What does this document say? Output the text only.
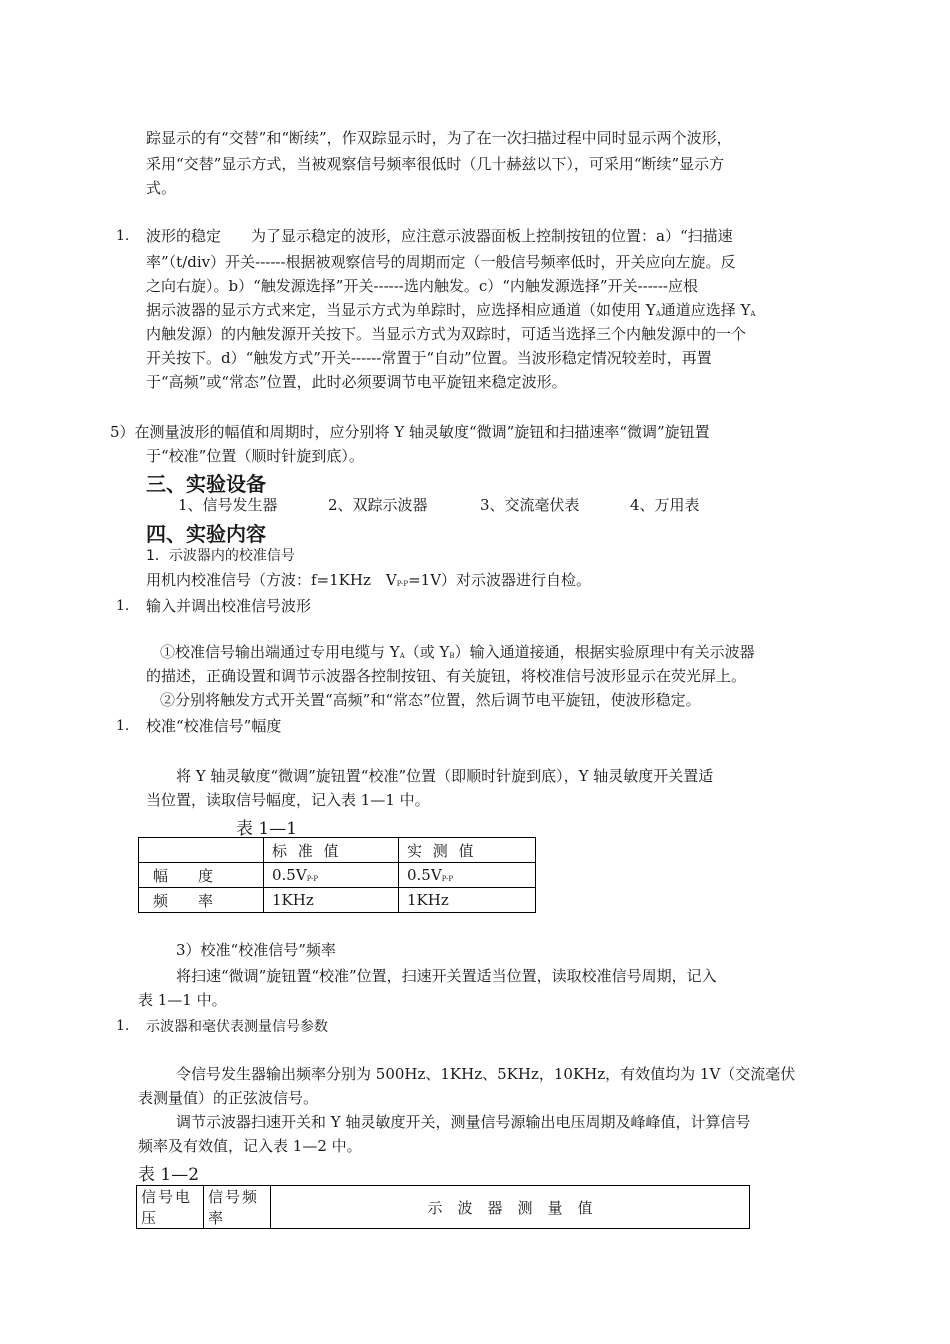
踪显示的有“交替”和“断续”，作双踪显示时，为了在一次扫描过程中同时显示两个波形，
采用“交替”显示方式，当被观察信号频率很低时（几十赫兹以下），可采用“断续”显示方
式。
1. 波形的稳定　　为了显示稳定的波形，应注意示波器面板上控制按钮的位置：a）“扫描速
率”（t/div）开关------根据被观察信号的周期而定（一般信号频率低时，开关应向左旋。反
之向右旋）。b）“触发源选择”开关------选内触发。c）“内触发源选择”开关------应根
据示波器的显示方式来定，当显示方式为单踪时，应选择相应通道（如使用 YA通道应选择 YA
内触发源）的内触发源开关按下。当显示方式为双踪时，可适当选择三个内触发源中的一个
开关按下。d）“触发方式”开关------常置于“自动”位置。当波形稳定情况较差时，再置
于“高频”或“常态”位置，此时必须要调节电平旋钮来稳定波形。
5）在测量波形的幅值和周期时，应分别将 Y 轴灵敏度“微调”旋钮和扫描速率“微调”旋钮置
于“校准”位置（顺时针旋到底）。
三、实验设备
1、信号发生器	2、双踪示波器	3、交流毫伏表	4、万用表
四、实验内容
1．示波器内的校准信号
用机内校准信号（方波：f=1KHz　VP-P=1V）对示波器进行自检。
1. 输入并调出校准信号波形
①校准信号输出端通过专用电缆与 YA（或 YB）输入通道接通，根据实验原理中有关示波器
的描述，正确设置和调节示波器各控制按钮、有关旋钮，将校准信号波形显示在荧光屏上。
②分别将触发方式开关置“高频”和“常态”位置，然后调节电平旋钮，使波形稳定。
1. 校准“校准信号”幅度
将 Y 轴灵敏度“微调”旋钮置“校准”位置（即顺时针旋到底），Y 轴灵敏度开关置适
当位置，读取信号幅度，记入表 1—1 中。
表 1—1
	标 准 值	实 测 值
幅　　度	0.5VP-P	0.5VP-P
频　　率	1KHz	1KHz
3）校准“校准信号”频率
将扫速“微调”旋钮置“校准”位置，扫速开关置适当位置，读取校准信号周期，记入
表 1—1 中。
1. 示波器和毫伏表测量信号参数
令信号发生器输出频率分别为 500Hz、1KHz、5KHz，10KHz，有效值均为 1V（交流毫伏
表测量值）的正弦波信号。
调节示波器扫速开关和 Y 轴灵敏度开关，测量信号源输出电压周期及峰峰值，计算信号
频率及有效值，记入表 1—2 中。
表 1—2
信号电压	信号频率	示　波　器　测　量　值
